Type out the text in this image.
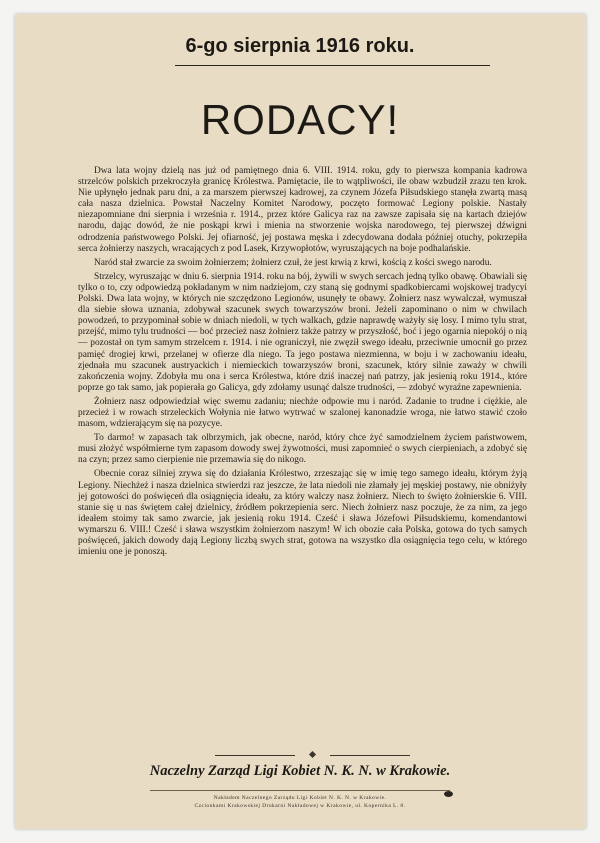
6-go sierpnia 1916 roku.
RODACY!

Dwa lata wojny dzielą nas już od pamiętnego dnia 6. VIII. 1914. roku, gdy to pierwsza kompania kadrowa strzelców polskich przekroczyła granicę Królestwa. Pamiętacie, ile to wątpliwości, ile obaw wzbudził zrazu ten krok. Nie upłynęło jednak paru dni, a za marszem pierwszej kadrowej, za czynem Józefa Piłsudskiego stanęła zwartą masą cała nasza dzielnica. Powstał Naczelny Komitet Narodowy, poczęto formować Legiony polskie. Nastały niezapomniane dni sierpnia i września r. 1914., przez które Galicya raz na zawsze zapisała się na kartach dziejów narodu, dając dowód, że nie poskąpi krwi i mienia na stworzenie wojska narodowego, tej pierwszej dźwigni odrodzenia państwowego Polski. Jej ofiarność, jej postawa męska i zdecydowana dodała później otuchy, pokrzepiła serca żołnierzy naszych, wracających z pod Lasek, Krzywopłotów, wyruszających na boje podhalańskie.

Naród stał zwarcie za swoim żołnierzem; żołnierz czuł, że jest krwią z krwi, kością z kości swego narodu.

Strzelcy, wyruszając w dniu 6. sierpnia 1914. roku na bój, żywili w swych sercach jedną tylko obawę. Obawiali się tylko o to, czy odpowiedzą pokładanym w nim nadziejom, czy staną się godnymi spadkobiercami wojskowej tradycyi Polski. Dwa lata wojny, w których nie szczędzono Legionów, usunęły te obawy. Żołnierz nasz wywalczał, wymuszał dla siebie słowa uznania, zdobywał szacunek swych towarzyszów broni. Jeżeli zapominano o nim w chwilach powodzeń, to przypominał sobie w dniach niedoli, w tych walkach, gdzie naprawdę ważyły się losy. I mimo tylu strat, przejść, mimo tylu trudności — boć przecież nasz żołnierz także patrzy w przyszłość, boć i jego ogarnia niepokój o nią — pozostał on tym samym strzelcem r. 1914. i nie ograniczył, nie zwęził swego ideału, przeciwnie umocnił go przez pamięć drogiej krwi, przelanej w ofierze dla niego. Ta jego postawa niezmienna, w boju i w zachowaniu ideału, zjednała mu szacunek austryackich i niemieckich towarzyszów broni, szacunek, który silnie zaważy w chwili zakończenia wojny. Zdobyła mu ona i serca Królestwa, które dziś inaczej nań patrzy, jak jesienią roku 1914., które poprze go tak samo, jak popierała go Galicya, gdy zdołamy usunąć dalsze trudności, — zdobyć wyraźne zapewnienia.

Żołnierz nasz odpowiedział więc swemu zadaniu; niechże odpowie mu i naród. Zadanie to trudne i ciężkie, ale przecież i w rowach strzeleckich Wołynia nie łatwo wytrwać w szalonej kanonadzie wroga, nie łatwo stawić czoło masom, wdzierającym się na pozycye.

To darmo! w zapasach tak olbrzymich, jak obecne, naród, który chce żyć samodzielnem życiem państwowem, musi złożyć współmierne tym zapasom dowody swej żywotności, musi zapomnieć o swych cierpieniach, a zdobyć się na czyn; przez samo cierpienie nie przemawia się do nikogo.

Obecnie coraz silniej zrywa się do działania Królestwo, zrzeszając się w imię tego samego ideału, którym żyją Legiony. Niechżeż i nasza dzielnica stwierdzi raz jeszcze, że lata niedoli nie złamały jej męskiej postawy, nie obniżyły jej gotowości do poświęceń dla osiągnięcia ideału, za który walczy nasz żołnierz. Niech to święto żołnierskie 6. VIII. stanie się u nas świętem całej dzielnicy, źródłem pokrzepienia serc. Niech żołnierz nasz poczuje, że za nim, za jego ideałem stoimy tak samo zwarcie, jak jesienią roku 1914. Cześć i sława Józefowi Piłsudskiemu, komendantowi wymarszu 6. VIII.! Cześć i sława wszystkim żołnierzom naszym! W ich obozie cała Polska, gotowa do tych samych poświęceń, jakich dowody dają Legiony liczbą swych strat, gotowa na wszystko dla osiągnięcia tego celu, w którego imieniu one je ponoszą.

Naczelny Zarząd Ligi Kobiet N. K. N. w Krakowie.
Nakładem Naczelnego Zarządu Ligi Kobiet N. K. N. w Krakowie.
Czcionkami Krakowskiej Drukarni Nakładowej w Krakowie, ul. Kopernika L. 8.
